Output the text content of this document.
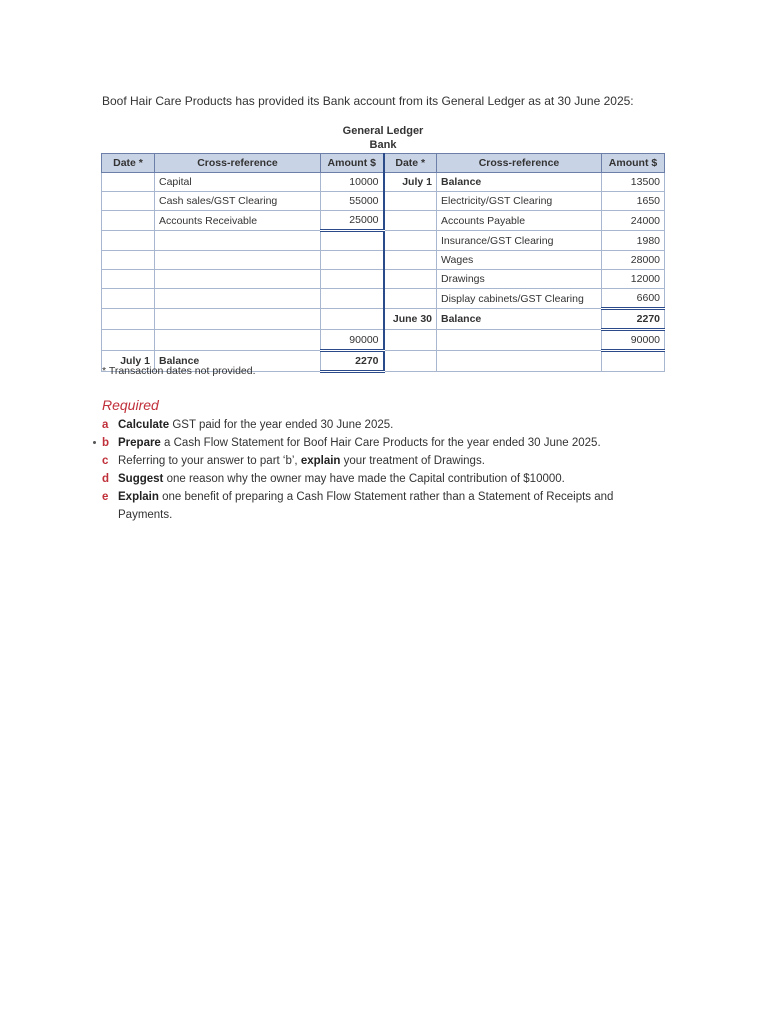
Boof Hair Care Products has provided its Bank account from its General Ledger as at 30 June 2025:
General Ledger
Bank
Date *	Cross-reference	Amount $	Date *	Cross-reference	Amount $
	Capital	10000	July 1	Balance	13500
	Cash sales/GST Clearing	55000		Electricity/GST Clearing	1650
	Accounts Receivable	25000		Accounts Payable	24000
				Insurance/GST Clearing	1980
				Wages	28000
				Drawings	12000
				Display cabinets/GST Clearing	6600
			June 30	Balance	2270
		90000			90000
July 1	Balance	2270			
* Transaction dates not provided.
Required
a Calculate GST paid for the year ended 30 June 2025.
b Prepare a Cash Flow Statement for Boof Hair Care Products for the year ended 30 June 2025.
c Referring to your answer to part ‘b’, explain your treatment of Drawings.
d Suggest one reason why the owner may have made the Capital contribution of $10000.
e Explain one benefit of preparing a Cash Flow Statement rather than a Statement of Receipts and Payments.
